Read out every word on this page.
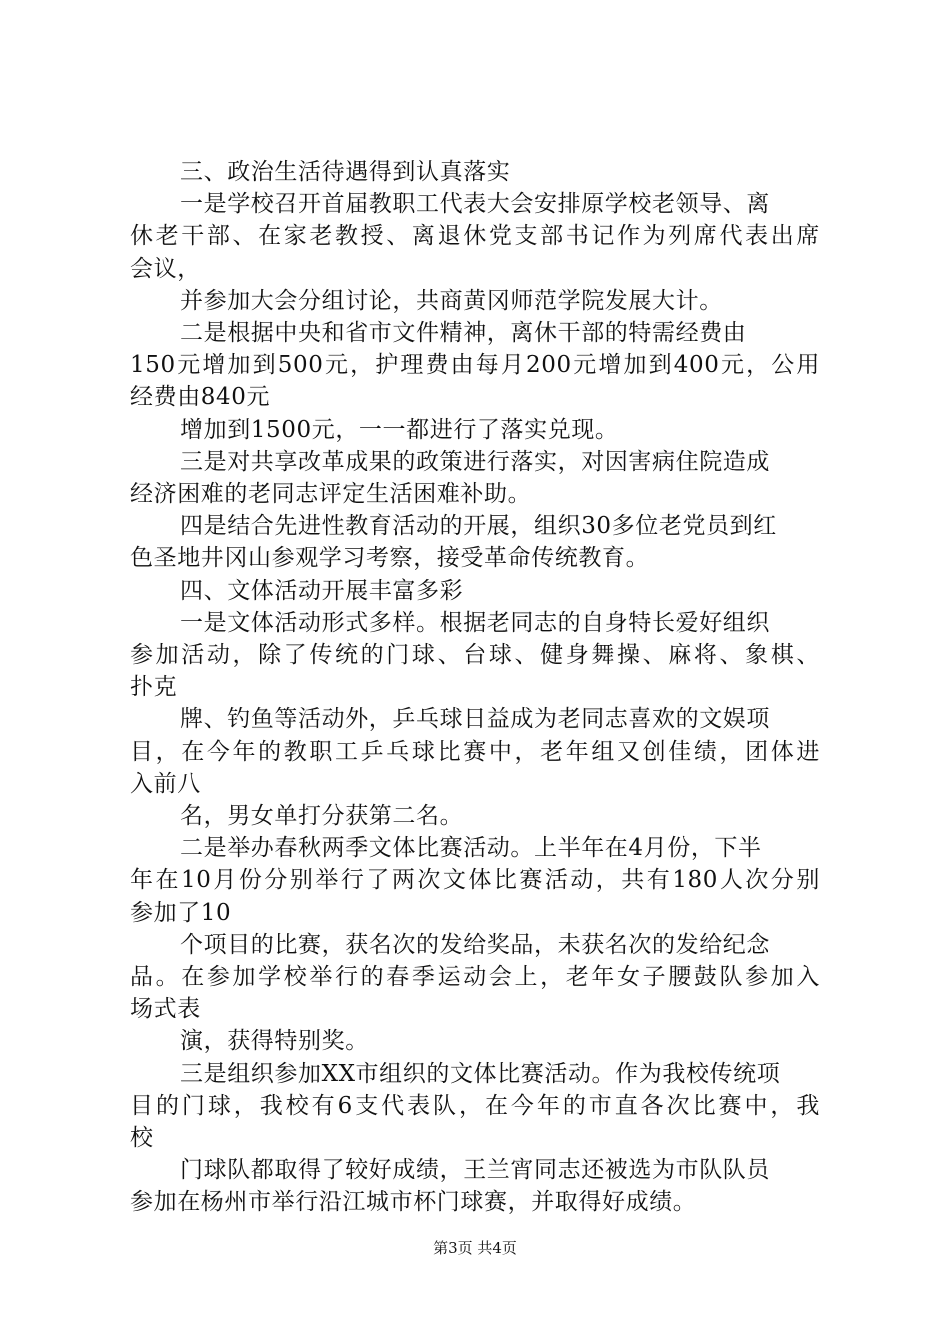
三、政治生活待遇得到认真落实
一是学校召开首届教职工代表大会安排原学校老领导、离
休老干部、在家老教授、离退休党支部书记作为列席代表出席
会议，
并参加大会分组讨论，共商黄冈师范学院发展大计。
二是根据中央和省市文件精神，离休干部的特需经费由
150元增加到500元，护理费由每月200元增加到400元，公用
经费由840元
增加到1500元，一一都进行了落实兑现。
三是对共享改革成果的政策进行落实，对因害病住院造成
经济困难的老同志评定生活困难补助。
四是结合先进性教育活动的开展，组织30多位老党员到红
色圣地井冈山参观学习考察，接受革命传统教育。
四、文体活动开展丰富多彩
一是文体活动形式多样。根据老同志的自身特长爱好组织
参加活动，除了传统的门球、台球、健身舞操、麻将、象棋、
扑克
牌、钓鱼等活动外，乒乓球日益成为老同志喜欢的文娱项
目，在今年的教职工乒乓球比赛中，老年组又创佳绩，团体进
入前八
名，男女单打分获第二名。
二是举办春秋两季文体比赛活动。上半年在4月份，下半
年在10月份分别举行了两次文体比赛活动，共有180人次分别
参加了10
个项目的比赛，获名次的发给奖品，未获名次的发给纪念
品。在参加学校举行的春季运动会上，老年女子腰鼓队参加入
场式表
演，获得特别奖。
三是组织参加XX市组织的文体比赛活动。作为我校传统项
目的门球，我校有6支代表队，在今年的市直各次比赛中，我
校
门球队都取得了较好成绩，王兰宵同志还被选为市队队员
参加在杨州市举行沿江城市杯门球赛，并取得好成绩。
第3页 共4页
